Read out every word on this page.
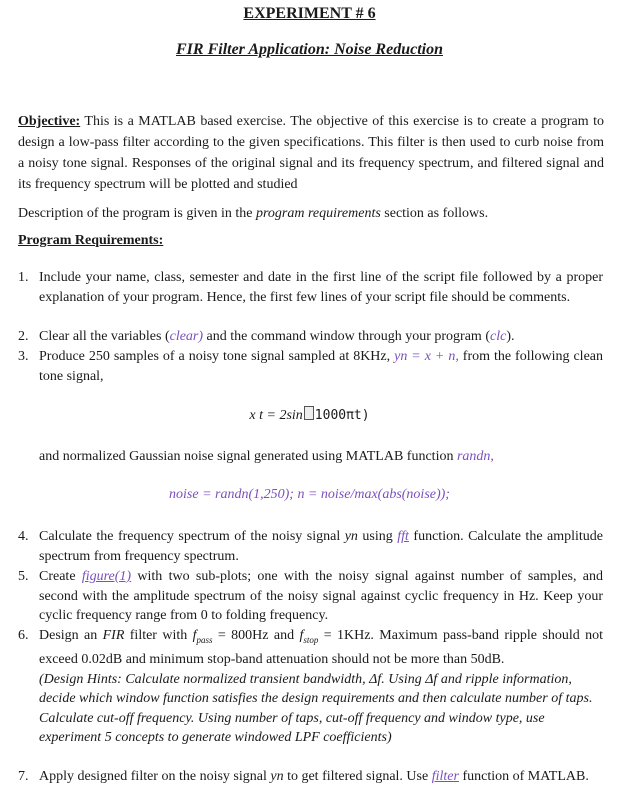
EXPERIMENT # 6
FIR Filter Application: Noise Reduction
Objective: This is a MATLAB based exercise. The objective of this exercise is to create a program to design a low-pass filter according to the given specifications. This filter is then used to curb noise from a noisy tone signal. Responses of the original signal and its frequency spectrum, and filtered signal and its frequency spectrum will be plotted and studied
Description of the program is given in the program requirements section as follows.
Program Requirements:
1. Include your name, class, semester and date in the first line of the script file followed by a proper explanation of your program. Hence, the first few lines of your script file should be comments.
2. Clear all the variables (clear) and the command window through your program (clc).
3. Produce 250 samples of a noisy tone signal sampled at 8KHz, yn = x + n, from the following clean tone signal,
x t = 2sin 1000πt)
and normalized Gaussian noise signal generated using MATLAB function randn,
noise = randn(1,250); n = noise/max(abs(noise));
4. Calculate the frequency spectrum of the noisy signal yn using fft function. Calculate the amplitude spectrum from frequency spectrum.
5. Create figure(1) with two sub-plots; one with the noisy signal against number of samples, and second with the amplitude spectrum of the noisy signal against cyclic frequency in Hz. Keep your cyclic frequency range from 0 to folding frequency.
6. Design an FIR filter with $f_{pass} = 800Hz$ and $f_{stop} = 1KHz$. Maximum pass-band ripple should not exceed 0.02dB and minimum stop-band attenuation should not be more than 50dB.
(Design Hints: Calculate normalized transient bandwidth, Δf. Using Δf and ripple information, decide which window function satisfies the design requirements and then calculate number of taps. Calculate cut-off frequency. Using number of taps, cut-off frequency and window type, use experiment 5 concepts to generate windowed LPF coefficients)
7. Apply designed filter on the noisy signal yn to get filtered signal. Use filter function of MATLAB.
